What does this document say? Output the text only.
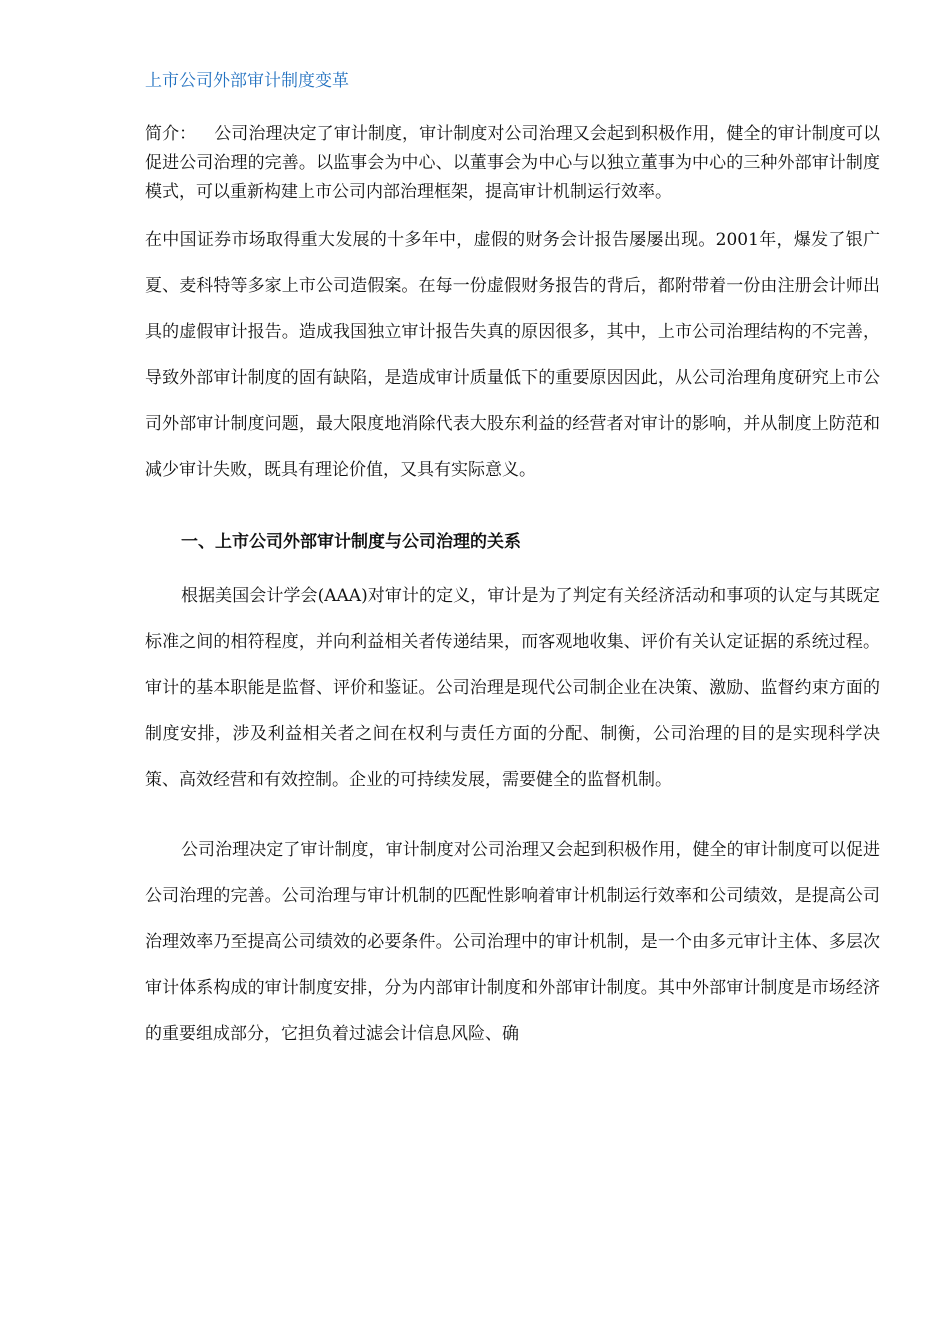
上市公司外部审计制度变革

简介： 公司治理决定了审计制度，审计制度对公司治理又会起到积极作用，健全的审计制度可以促进公司治理的完善。以监事会为中心、以董事会为中心与以独立董事为中心的三种外部审计制度模式，可以重新构建上市公司内部治理框架，提高审计机制运行效率。

在中国证券市场取得重大发展的十多年中，虚假的财务会计报告屡屡出现。2001年，爆发了银广夏、麦科特等多家上市公司造假案。在每一份虚假财务报告的背后，都附带着一份由注册会计师出具的虚假审计报告。造成我国独立审计报告失真的原因很多，其中，上市公司治理结构的不完善，导致外部审计制度的固有缺陷，是造成审计质量低下的重要原因因此，从公司治理角度研究上市公司外部审计制度问题，最大限度地消除代表大股东利益的经营者对审计的影响，并从制度上防范和减少审计失败，既具有理论价值，又具有实际意义。

一、上市公司外部审计制度与公司治理的关系

根据美国会计学会(AAA)对审计的定义，审计是为了判定有关经济活动和事项的认定与其既定标准之间的相符程度，并向利益相关者传递结果，而客观地收集、评价有关认定证据的系统过程。审计的基本职能是监督、评价和鉴证。公司治理是现代公司制企业在决策、激励、监督约束方面的制度安排，涉及利益相关者之间在权利与责任方面的分配、制衡，公司治理的目的是实现科学决策、高效经营和有效控制。企业的可持续发展，需要健全的监督机制。

公司治理决定了审计制度，审计制度对公司治理又会起到积极作用，健全的审计制度可以促进公司治理的完善。公司治理与审计机制的匹配性影响着审计机制运行效率和公司绩效，是提高公司治理效率乃至提高公司绩效的必要条件。公司治理中的审计机制，是一个由多元审计主体、多层次审计体系构成的审计制度安排，分为内部审计制度和外部审计制度。其中外部审计制度是市场经济的重要组成部分，它担负着过滤会计信息风险、确
